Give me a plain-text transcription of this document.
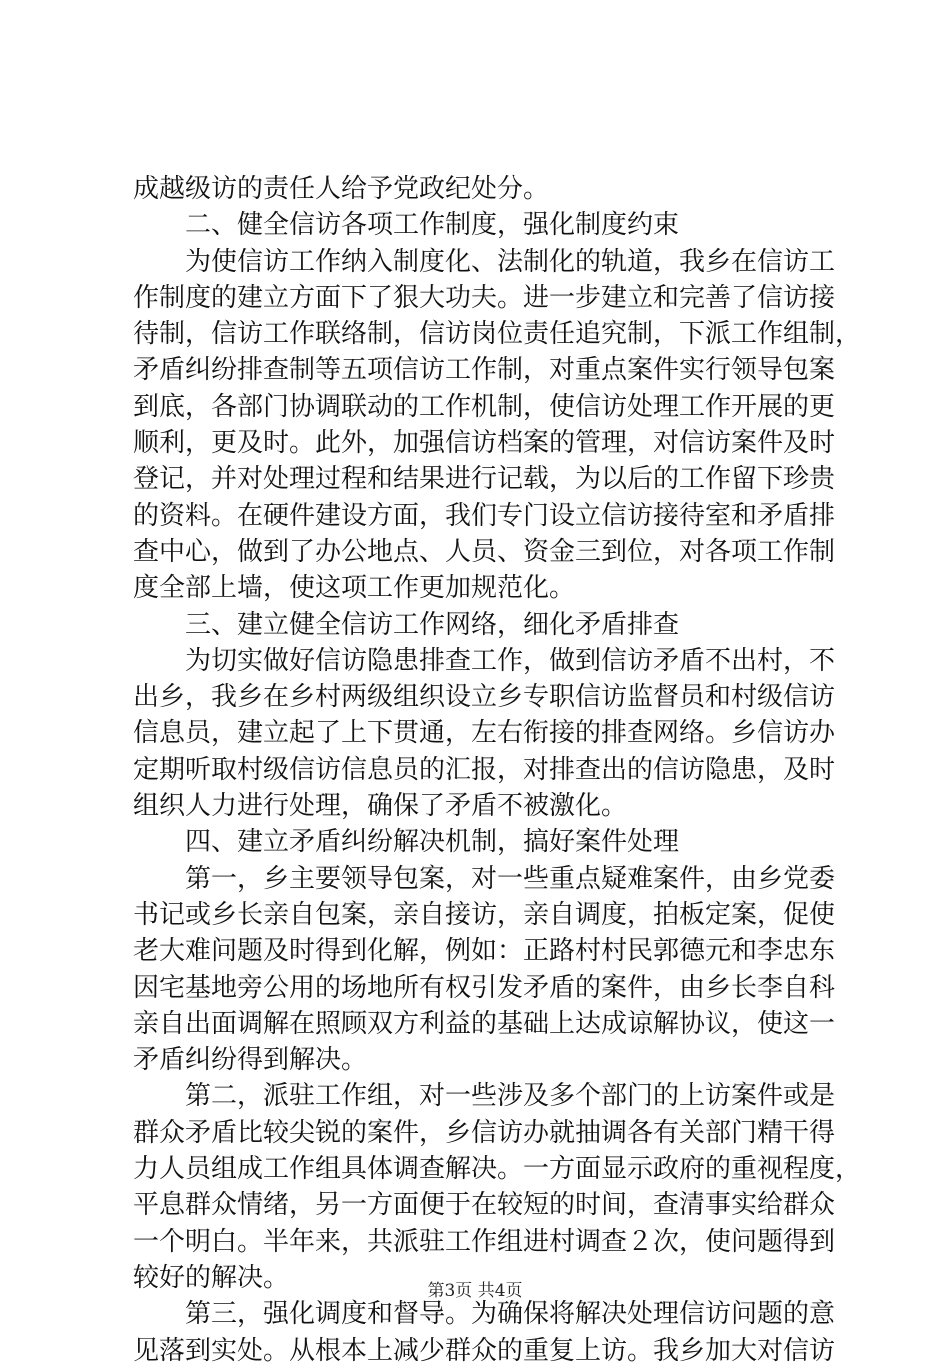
成越级访的责任人给予党政纪处分。
二、健全信访各项工作制度，强化制度约束
为使信访工作纳入制度化、法制化的轨道，我乡在信访工
作制度的建立方面下了狠大功夫。进一步建立和完善了信访接
待制，信访工作联络制，信访岗位责任追究制，下派工作组制，
矛盾纠纷排查制等五项信访工作制，对重点案件实行领导包案
到底，各部门协调联动的工作机制，使信访处理工作开展的更
顺利，更及时。此外，加强信访档案的管理，对信访案件及时
登记，并对处理过程和结果进行记载，为以后的工作留下珍贵
的资料。在硬件建设方面，我们专门设立信访接待室和矛盾排
查中心，做到了办公地点、人员、资金三到位，对各项工作制
度全部上墙，使这项工作更加规范化。
三、建立健全信访工作网络，细化矛盾排查
为切实做好信访隐患排查工作，做到信访矛盾不出村，不
出乡，我乡在乡村两级组织设立乡专职信访监督员和村级信访
信息员，建立起了上下贯通，左右衔接的排查网络。乡信访办
定期听取村级信访信息员的汇报，对排查出的信访隐患，及时
组织人力进行处理，确保了矛盾不被激化。
四、建立矛盾纠纷解决机制，搞好案件处理
第一，乡主要领导包案，对一些重点疑难案件，由乡党委
书记或乡长亲自包案，亲自接访，亲自调度，拍板定案，促使
老大难问题及时得到化解，例如：正路村村民郭德元和李忠东
因宅基地旁公用的场地所有权引发矛盾的案件，由乡长李自科
亲自出面调解在照顾双方利益的基础上达成谅解协议，使这一
矛盾纠纷得到解决。
第二，派驻工作组，对一些涉及多个部门的上访案件或是
群众矛盾比较尖锐的案件，乡信访办就抽调各有关部门精干得
力人员组成工作组具体调查解决。一方面显示政府的重视程度，
平息群众情绪，另一方面便于在较短的时间，查清事实给群众
一个明白。半年来，共派驻工作组进村调查２次，使问题得到
较好的解决。
第三，强化调度和督导。为确保将解决处理信访问题的意
见落到实处。从根本上减少群众的重复上访。我乡加大对信访
第3页 共4页
